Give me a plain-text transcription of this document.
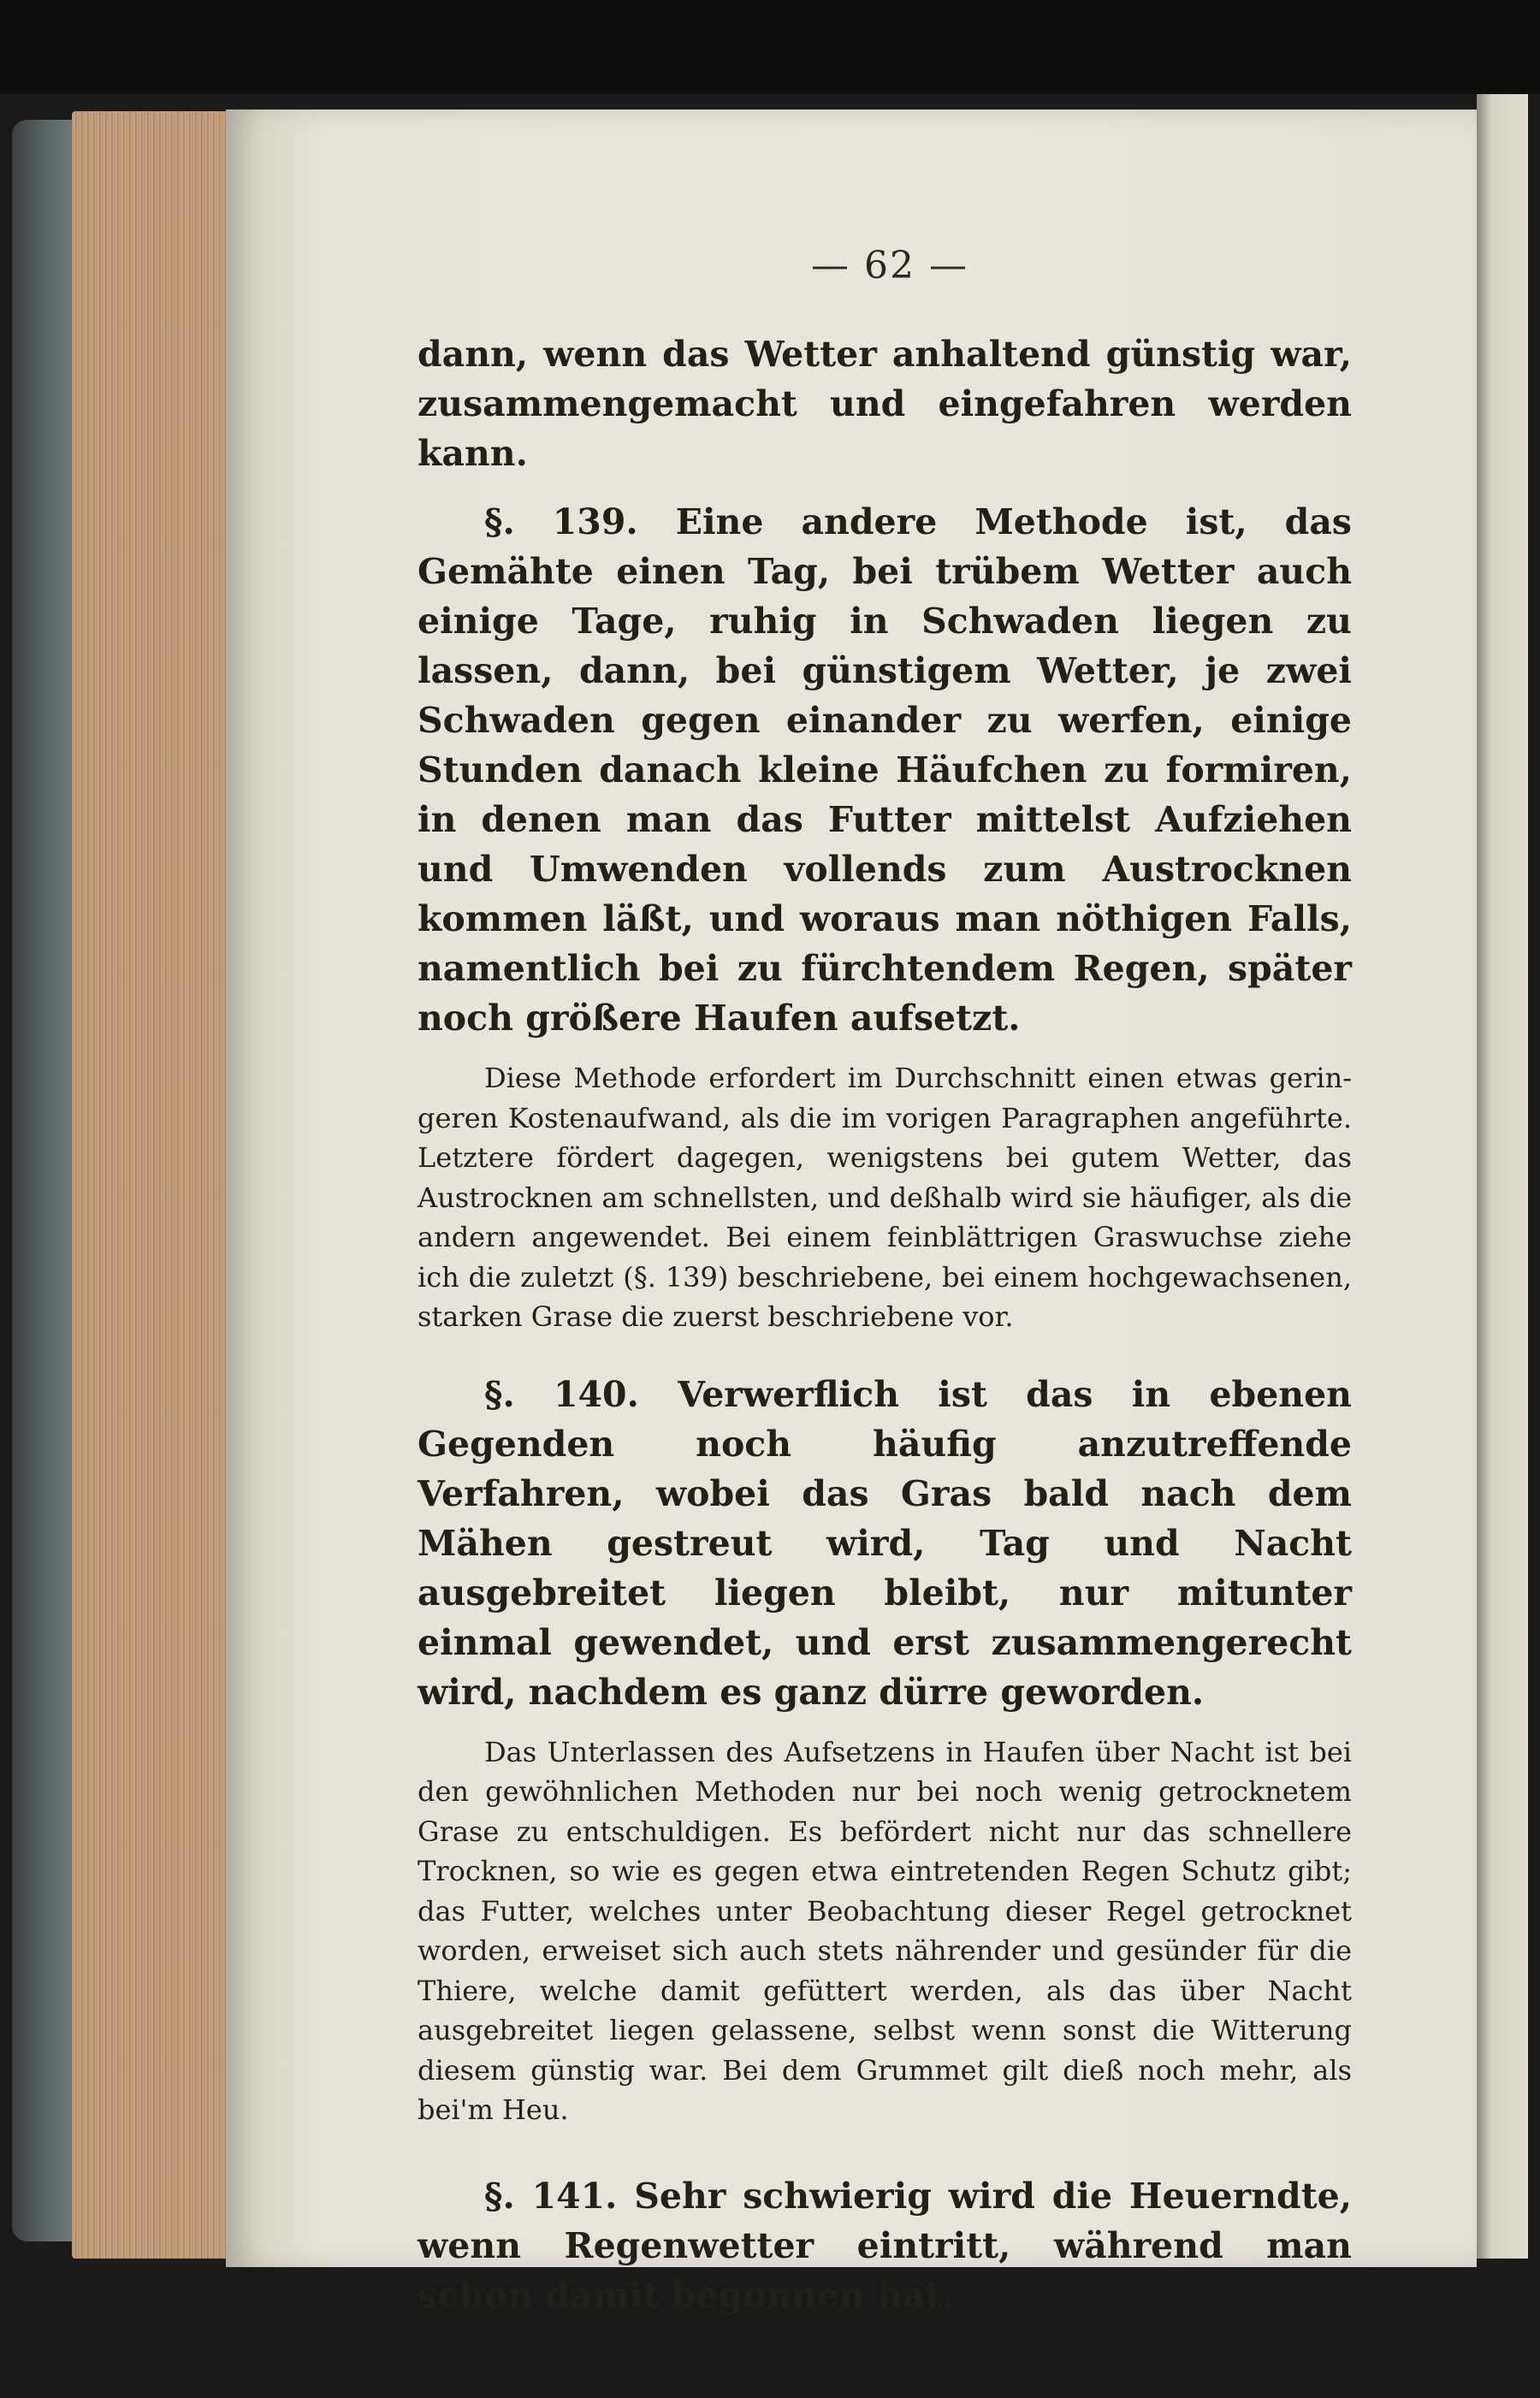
— 62 —

dann, wenn das Wetter anhaltend günstig war, zusammengemacht und eingefahren werden kann.

§. 139. Eine andere Methode ist, das Gemähte einen Tag, bei trübem Wetter auch einige Tage, ruhig in Schwaden liegen zu lassen, dann, bei günstigem Wetter, je zwei Schwaden gegen einander zu werfen, einige Stunden danach kleine Häufchen zu formiren, in denen man das Futter mittelst Aufziehen und Umwenden vollends zum Austrocknen kommen läßt, und woraus man nöthigen Falls, namentlich bei zu fürchtendem Regen, später noch größere Haufen aufsetzt.

Diese Methode erfordert im Durchschnitt einen etwas geringeren Kostenaufwand, als die im vorigen Paragraphen angeführte. Letztere fördert dagegen, wenigstens bei gutem Wetter, das Austrocknen am schnellsten, und deßhalb wird sie häufiger, als die andern angewendet. Bei einem feinblättrigen Graswuchse ziehe ich die zuletzt (§. 139) beschriebene, bei einem hochgewachsenen, starken Grase die zuerst beschriebene vor.

§. 140. Verwerflich ist das in ebenen Gegenden noch häufig anzutreffende Verfahren, wobei das Gras bald nach dem Mähen gestreut wird, Tag und Nacht ausgebreitet liegen bleibt, nur mitunter einmal gewendet, und erst zusammengerecht wird, nachdem es ganz dürre geworden.

Das Unterlassen des Aufsetzens in Haufen über Nacht ist bei den gewöhnlichen Methoden nur bei noch wenig getrocknetem Grase zu entschuldigen. Es befördert nicht nur das schnellere Trocknen, so wie es gegen etwa eintretenden Regen Schutz gibt; das Futter, welches unter Beobachtung dieser Regel getrocknet worden, erweiset sich auch stets nährender und gesünder für die Thiere, welche damit gefüttert werden, als das über Nacht ausgebreitet liegen gelassene, selbst wenn sonst die Witterung diesem günstig war. Bei dem Grummet gilt dieß noch mehr, als bei'm Heu.

§. 141. Sehr schwierig wird die Heuerndte, wenn Regenwetter eintritt, während man schon damit begonnen hat.
